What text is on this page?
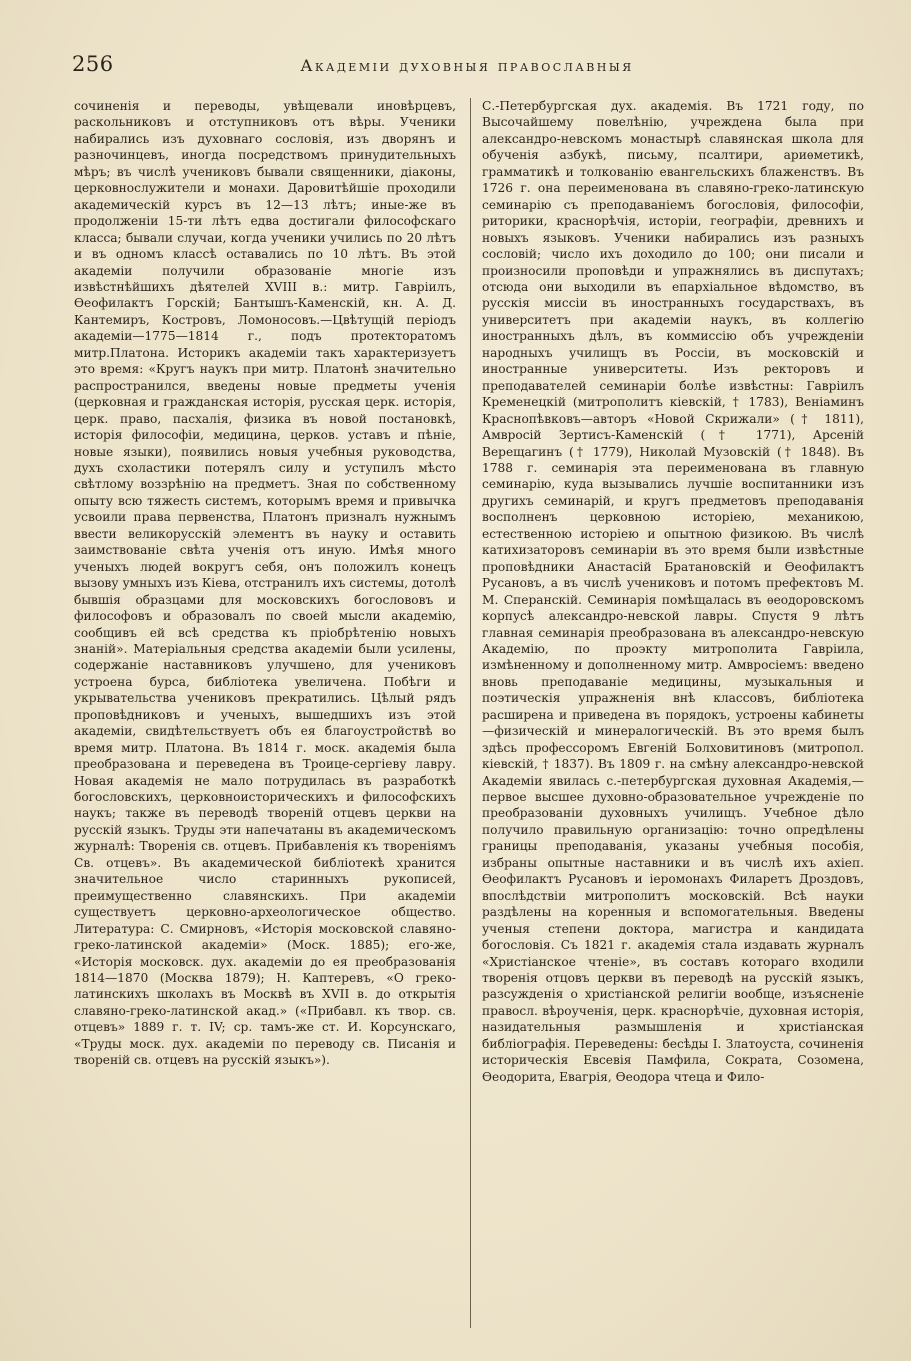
256	Академіи духовныя православныя

сочиненія и переводы, увѣщевали иновѣрцевъ, раскольниковъ и отступниковъ отъ вѣры. Ученики набирались изъ духовнаго сословія, изъ дворянъ и разночинцевъ, иногда посредствомъ принудительныхъ мѣръ; въ числѣ учениковъ бывали священники, діаконы, церковнослужители и монахи. Даровитѣйшіе проходили академическій курсъ въ 12—13 лѣтъ; иные-же въ продолженіи 15-ти лѣтъ едва достигали философскаго класса; бывали случаи, когда ученики учились по 20 лѣтъ и въ одномъ классѣ оставались по 10 лѣтъ. Въ этой академіи получили образованіе многіе изъ извѣстнѣйшихъ дѣятелей XVIII в.: митр. Гавріилъ, Ѳеофилактъ Горскій; Бантышъ-Каменскій, кн. А. Д. Кантемиръ, Костровъ, Ломоносовъ.—Цвѣтущій періодъ академіи—1775—1814 г., подъ протекторатомъ митр.Платона. Историкъ академіи такъ характеризуетъ это время: «Кругъ наукъ при митр. Платонѣ значительно распространился, введены новые предметы ученія (церковная и гражданская исторія, русская церк. исторія, церк. право, пасхалія, физика въ новой постановкѣ, исторія философіи, медицина, церков. уставъ и пѣніе, новые языки), появились новыя учебныя руководства, духъ схоластики потерялъ силу и уступилъ мѣсто свѣтлому воззрѣнію на предметъ. Зная по собственному опыту всю тяжесть системъ, которымъ время и привычка усвоили права первенства, Платонъ призналъ нужнымъ ввести великорусскій элементъ въ науку и оставить заимствованіе свѣта ученія отъ иную. Имѣя много ученыхъ людей вокругъ себя, онъ положилъ конецъ вызову умныхъ изъ Кіева, отстранилъ ихъ системы, дотолѣ бывшія образцами для московскихъ богослововъ и философовъ и образовалъ по своей мысли академію, сообщивъ ей всѣ средства къ пріобрѣтенію новыхъ знаній». Матеріальныя средства академіи были усилены, содержаніе наставниковъ улучшено, для учениковъ устроена бурса, библіотека увеличена. Побѣги и укрывательства учениковъ прекратились. Цѣлый рядъ проповѣдниковъ и ученыхъ, вышедшихъ изъ этой академіи, свидѣтельствуетъ объ ея благоустройствѣ во время митр. Платона. Въ 1814 г. моск. академія была преобразована и переведена въ Троице-сергіеву лавру. Новая академія не мало потрудилась въ разработкѣ богословскихъ, церковноисторическихъ и философскихъ наукъ; также въ переводѣ твореній отцевъ церкви на русскій языкъ. Труды эти напечатаны въ академическомъ журналѣ: Творенія св. отцевъ. Прибавленія къ твореніямъ Св. отцевъ». Въ академической библіотекѣ хранится значительное число старинныхъ рукописей, преимущественно славянскихъ. При академіи существуетъ церковно-археологическое общество. Литература: С. Смирновъ, «Исторія московской славяно-греко-латинской академіи» (Моск. 1885); его-же, «Исторія московск. дух. академіи до ея преобразованія 1814—1870 (Москва 1879); Н. Каптеревъ, «О греко-латинскихъ школахъ въ Москвѣ въ XVII в. до открытія славяно-греко-латинской акад.» («Прибавл. къ твор. св. отцевъ» 1889 г. т. IV; ср. тамъ-же ст. И. Корсунскаго, «Труды моск. дух. академіи по переводу св. Писанія и твореній св. отцевъ на русскій языкъ»).

С.-Петербургская дух. академія. Въ 1721 году, по Высочайшему повелѣнію, учреждена была при александро-невскомъ монастырѣ славянская школа для обученія азбукѣ, письму, псалтири, ариѳметикѣ, грамматикѣ и толкованію евангельскихъ блаженствъ. Въ 1726 г. она переименована въ славяно-греко-латинскую семинарію съ преподаваніемъ богословія, философіи, риторики, краснорѣчія, исторіи, географіи, древнихъ и новыхъ языковъ. Ученики набирались изъ разныхъ сословій; число ихъ доходило до 100; они писали и произносили проповѣди и упражнялись въ диспутахъ; отсюда они выходили въ епархіальное вѣдомство, въ русскія миссіи въ иностранныхъ государствахъ, въ университетъ при академіи наукъ, въ коллегію иностранныхъ дѣлъ, въ коммиссію объ учрежденіи народныхъ училищъ въ Россіи, въ московскій и иностранные университеты. Изъ ректоровъ и преподавателей семинаріи болѣе извѣстны: Гавріилъ Кременецкій (митрополитъ кіевскій, † 1783), Веніаминъ Краснопѣвковъ—авторъ «Новой Скрижали» († 1811), Амвросій Зертисъ-Каменскій († 1771), Арсеній Верещагинъ († 1779), Николай Музовскій († 1848). Въ 1788 г. семинарія эта переименована въ главную семинарію, куда вызывались лучшіе воспитанники изъ другихъ семинарій, и кругъ предметовъ преподаванія восполненъ церковною исторіею, механикою, естественною исторіею и опытною физикою. Въ числѣ катихизаторовъ семинаріи въ это время были извѣстные проповѣдники Анастасій Братановскій и Ѳеофилактъ Русановъ, а въ числѣ учениковъ и потомъ префектовъ М. М. Сперанскій. Семинарія помѣщалась въ ѳеодоровскомъ корпусѣ александро-невской лавры. Спустя 9 лѣтъ главная семинарія преобразована въ александро-невскую Академію, по проэкту митрополита Гавріила, измѣненному и дополненному митр. Амвросіемъ: введено вновь преподаваніе медицины, музыкальныя и поэтическія упражненія внѣ классовъ, библіотека расширена и приведена въ порядокъ, устроены кабинеты—физическій и минералогическій. Въ это время былъ здѣсь профессоромъ Евгеній Болховитиновъ (митропол. кіевскій, † 1837). Въ 1809 г. на смѣну александро-невской Академіи явилась с.-петербургская духовная Академія,—первое высшее духовно-образовательное учрежденіе по преобразованіи духовныхъ училищъ. Учебное дѣло получило правильную организацію: точно опредѣлены границы преподаванія, указаны учебныя пособія, избраны опытные наставники и въ числѣ ихъ ахіеп. Ѳеофилактъ Русановъ и іеромонахъ Филаретъ Дроздовъ, впослѣдствіи митрополитъ московскій. Всѣ науки раздѣлены на коренныя и вспомогательныя. Введены ученыя степени доктора, магистра и кандидата богословія. Съ 1821 г. академія стала издавать журналъ «Христіанское чтеніе», въ составъ котораго входили творенія отцовъ церкви въ переводѣ на русскій языкъ, разсужденія о христіанской религіи вообще, изъясненіе правосл. вѣроученія, церк. краснорѣчіе, духовная исторія, назидательныя размышленія и христіанская библіографія. Переведены: бесѣды І. Златоуста, сочиненія историческія Евсевія Памфила, Сократа, Созомена, Ѳеодорита, Евагрія, Ѳеодора чтеца и Фило-
